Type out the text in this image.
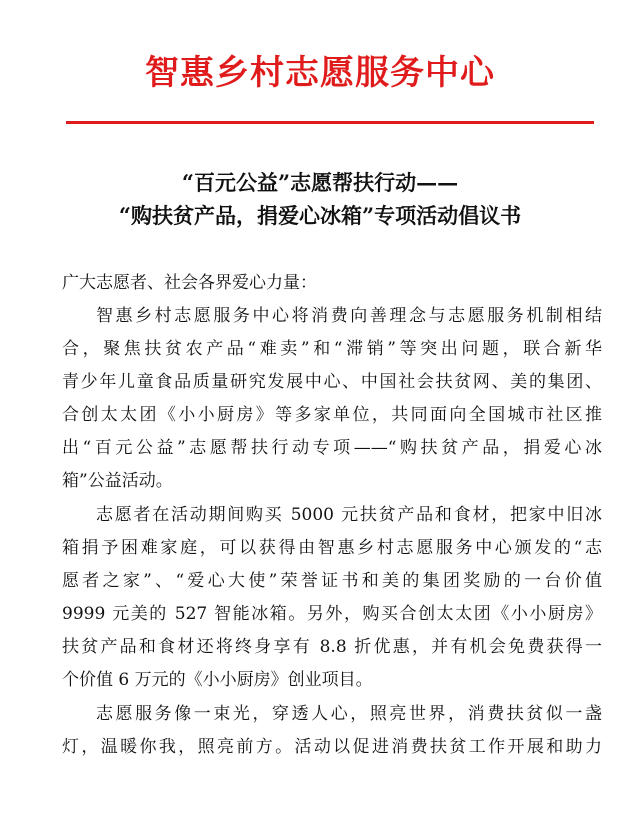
智惠乡村志愿服务中心
“百元公益”志愿帮扶行动——
“购扶贫产品，捐爱心冰箱”专项活动倡议书
广大志愿者、社会各界爱心力量：
智惠乡村志愿服务中心将消费向善理念与志愿服务机制相结
合，聚焦扶贫农产品“难卖”和“滞销”等突出问题，联合新华
青少年儿童食品质量研究发展中心、中国社会扶贫网、美的集团、
合创太太团《小小厨房》等多家单位，共同面向全国城市社区推
出“百元公益”志愿帮扶行动专项——“购扶贫产品，捐爱心冰
箱”公益活动。
志愿者在活动期间购买 5000 元扶贫产品和食材，把家中旧冰
箱捐予困难家庭，可以获得由智惠乡村志愿服务中心颁发的“志
愿者之家”、“爱心大使”荣誉证书和美的集团奖励的一台价值
9999 元美的 527 智能冰箱。另外，购买合创太太团《小小厨房》
扶贫产品和食材还将终身享有 8.8 折优惠，并有机会免费获得一
个价值 6 万元的《小小厨房》创业项目。
志愿服务像一束光，穿透人心，照亮世界，消费扶贫似一盏
灯，温暖你我，照亮前方。活动以促进消费扶贫工作开展和助力
